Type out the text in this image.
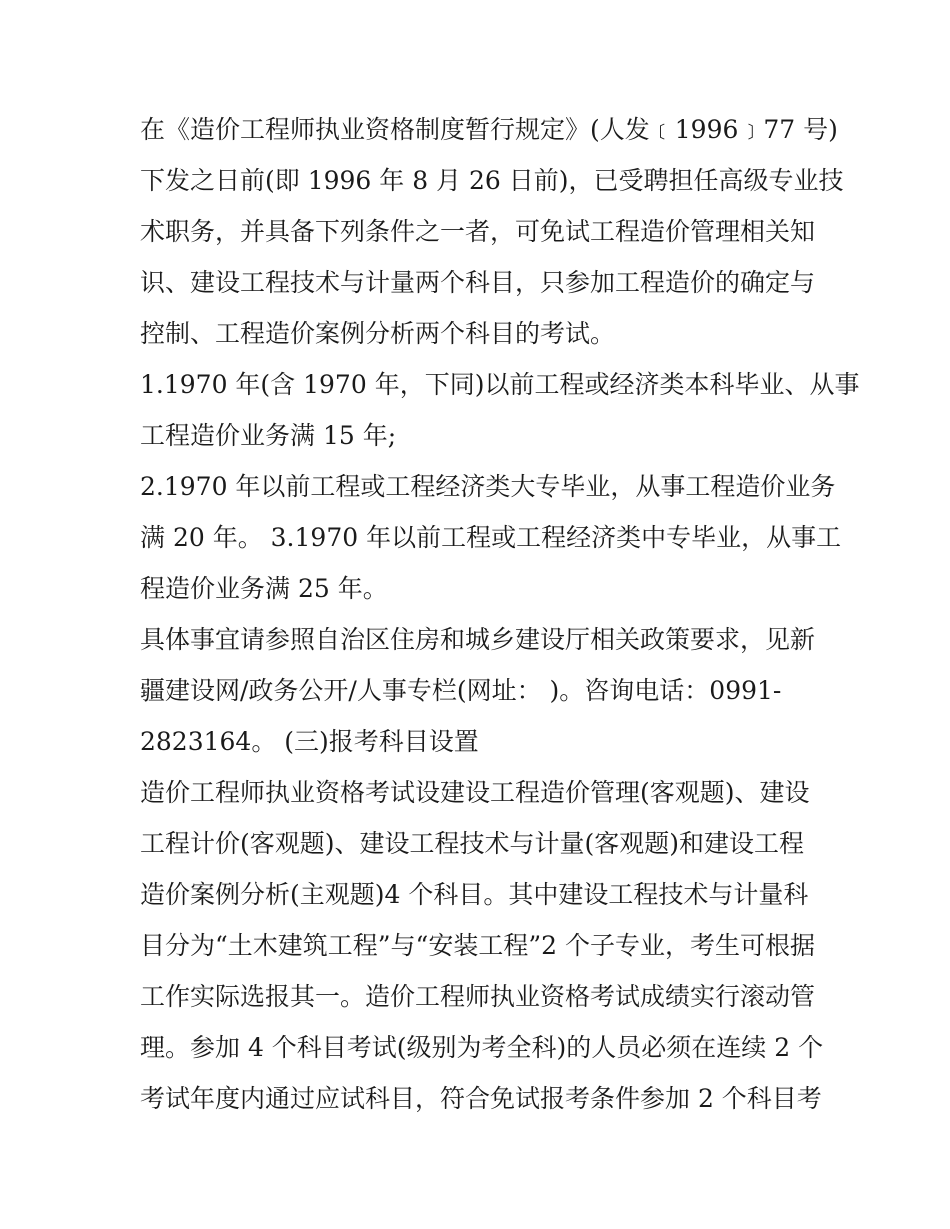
在《造价工程师执业资格制度暂行规定》(人发﹝1996﹞77 号)
下发之日前(即 1996 年 8 月 26 日前)，已受聘担任高级专业技
术职务，并具备下列条件之一者，可免试工程造价管理相关知
识、建设工程技术与计量两个科目，只参加工程造价的确定与
控制、工程造价案例分析两个科目的考试。
1.1970 年(含 1970 年，下同)以前工程或经济类本科毕业、从事
工程造价业务满 15 年;
2.1970 年以前工程或工程经济类大专毕业，从事工程造价业务
满 20 年。 3.1970 年以前工程或工程经济类中专毕业，从事工
程造价业务满 25 年。
具体事宜请参照自治区住房和城乡建设厅相关政策要求，见新
疆建设网/政务公开/人事专栏(网址： )。咨询电话：0991-
2823164。 (三)报考科目设置
造价工程师执业资格考试设建设工程造价管理(客观题)、建设
工程计价(客观题)、建设工程技术与计量(客观题)和建设工程
造价案例分析(主观题)4 个科目。其中建设工程技术与计量科
目分为“土木建筑工程”与“安装工程”2 个子专业，考生可根据
工作实际选报其一。造价工程师执业资格考试成绩实行滚动管
理。参加 4 个科目考试(级别为考全科)的人员必须在连续 2 个
考试年度内通过应试科目，符合免试报考条件参加 2 个科目考
